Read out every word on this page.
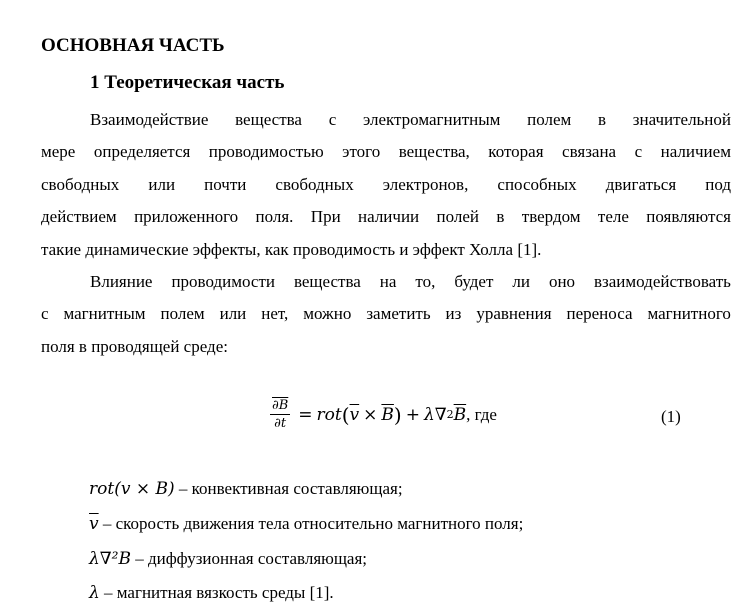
ОСНОВНАЯ ЧАСТЬ
1 Теоретическая часть
Взаимодействие вещества с электромагнитным полем в значительной
мере определяется проводимостью этого вещества, которая связана с наличием
свободных или почти свободных электронов, способных двигаться под
действием приложенного поля. При наличии полей в твердом теле появляются
такие динамические эффекты, как проводимость и эффект Холла [1].
Влияние проводимости вещества на то, будет ли оно взаимодействовать
с магнитным полем или нет, можно заметить из уравнения переноса магнитного
поля в проводящей среде:
$\frac{\partial B}{\partial t}$ = rot ( $\overline{v} \times \overline{B}$ ) + λ∇ 2 $\overline{B}$ , где	(1)
rot(v × B) – конвективная составляющая;
$\overline{v}$ – скорость движения тела относительно магнитного поля;
λ∇²B – диффузионная составляющая;
λ – магнитная вязкость среды [1].
